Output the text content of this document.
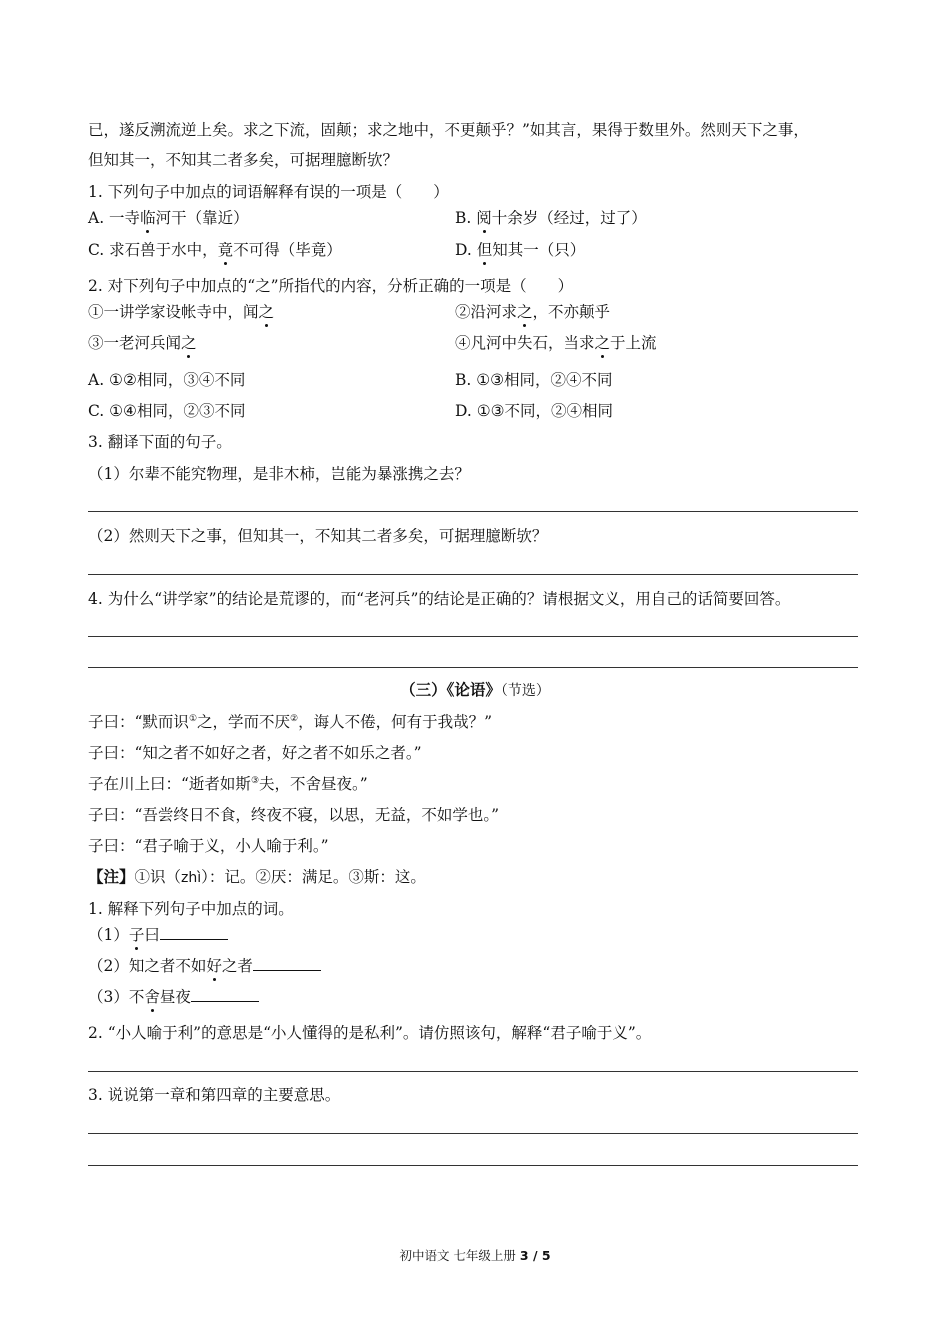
已，遂反溯流逆上矣。求之下流，固颠；求之地中，不更颠乎？”如其言，果得于数里外。然则天下之事，
但知其一，不知其二者多矣，可据理臆断欤？
1. 下列句子中加点的词语解释有误的一项是（　　）
A. 一寺临河干（靠近）	B. 阅十余岁（经过，过了）
C. 求石兽于水中，竟不可得（毕竟）	D. 但知其一（只）
2. 对下列句子中加点的“之”所指代的内容，分析正确的一项是（　　）
①一讲学家设帐寺中，闻之	②沿河求之，不亦颠乎
③一老河兵闻之	④凡河中失石，当求之于上流
A. ①②相同，③④不同	B. ①③相同，②④不同
C. ①④相同，②③不同	D. ①③不同，②④相同
3. 翻译下面的句子。
（1）尔辈不能究物理，是非木柿，岂能为暴涨携之去？
（2）然则天下之事，但知其一，不知其二者多矣，可据理臆断欤？
4. 为什么“讲学家”的结论是荒谬的，而“老河兵”的结论是正确的？请根据文义，用自己的话简要回答。
（三）《论语》（节选）
子曰：“默而识①之，学而不厌②，诲人不倦，何有于我哉？”
子曰：“知之者不如好之者，好之者不如乐之者。”
子在川上曰：“逝者如斯③夫，不舍昼夜。”
子曰：“吾尝终日不食，终夜不寝，以思，无益，不如学也。”
子曰：“君子喻于义，小人喻于利。”
【注】①识（zhì）：记。②厌：满足。③斯：这。
1. 解释下列句子中加点的词。
（1）子曰
（2）知之者不如好之者
（3）不舍昼夜
2. “小人喻于利”的意思是“小人懂得的是私利”。请仿照该句，解释“君子喻于义”。
3. 说说第一章和第四章的主要意思。
初中语文 七年级上册 3 / 5
